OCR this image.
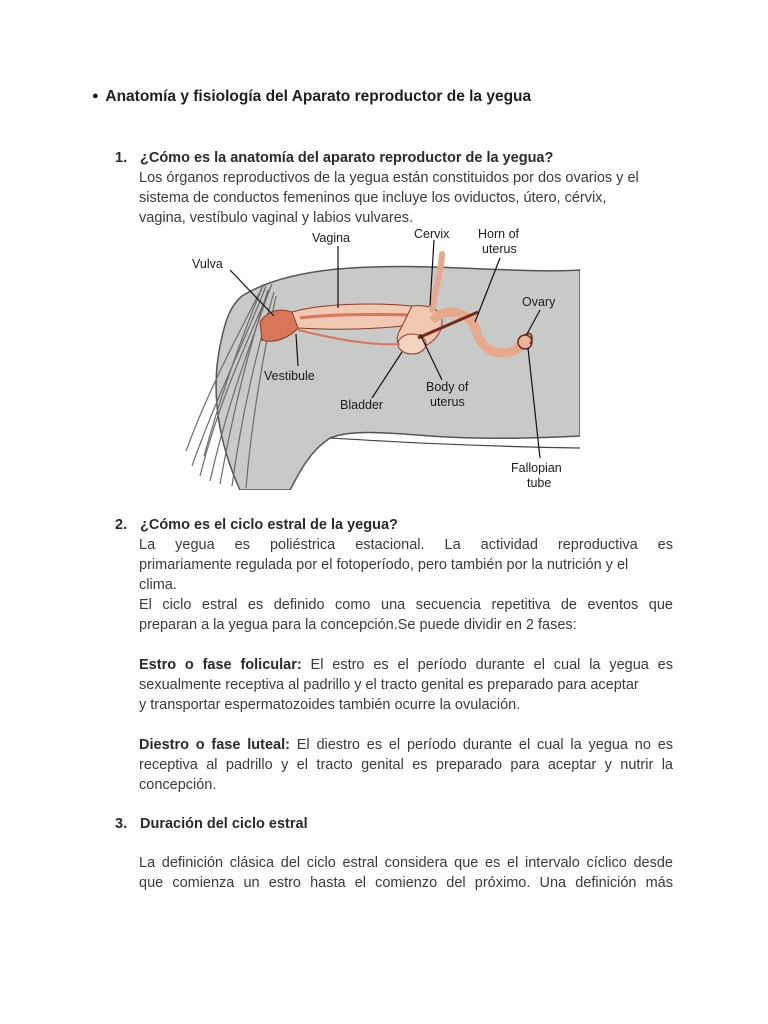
● Anatomía y fisiología del Aparato reproductor de la yegua
1. ¿Cómo es la anatomía del aparato reproductor de la yegua?
Los órganos reproductivos de la yegua están constituidos por dos ovarios y el
sistema de conductos femeninos que incluye los oviductos, útero, cérvix,
vagina, vestíbulo vaginal y labios vulvares.
Vagina	Cervix Horn of
uterus
Vulva
Ovary
Vestibule
Body of
uterus
Bladder
Fallopian
tube
2. ¿Cómo es el ciclo estral de la yegua?
La yegua es poliéstrica estacional. La actividad reproductiva es
primariamente regulada por el fotoperíodo, pero también por la nutrición y el
clima.
El ciclo estral es definido como una secuencia repetitiva de eventos que
preparan a la yegua para la concepción.Se puede dividir en 2 fases:
Estro o fase folicular: El estro es el período durante el cual la yegua es
sexualmente receptiva al padrillo y el tracto genital es preparado para aceptar
y transportar espermatozoides también ocurre la ovulación.
Diestro o fase luteal: El diestro es el período durante el cual la yegua no es
receptiva al padrillo y el tracto genital es preparado para aceptar y nutrir la
concepción.
3. Duración del ciclo estral
La definición clásica del ciclo estral considera que es el intervalo cíclico desde
que comienza un estro hasta el comienzo del próximo. Una definición más
